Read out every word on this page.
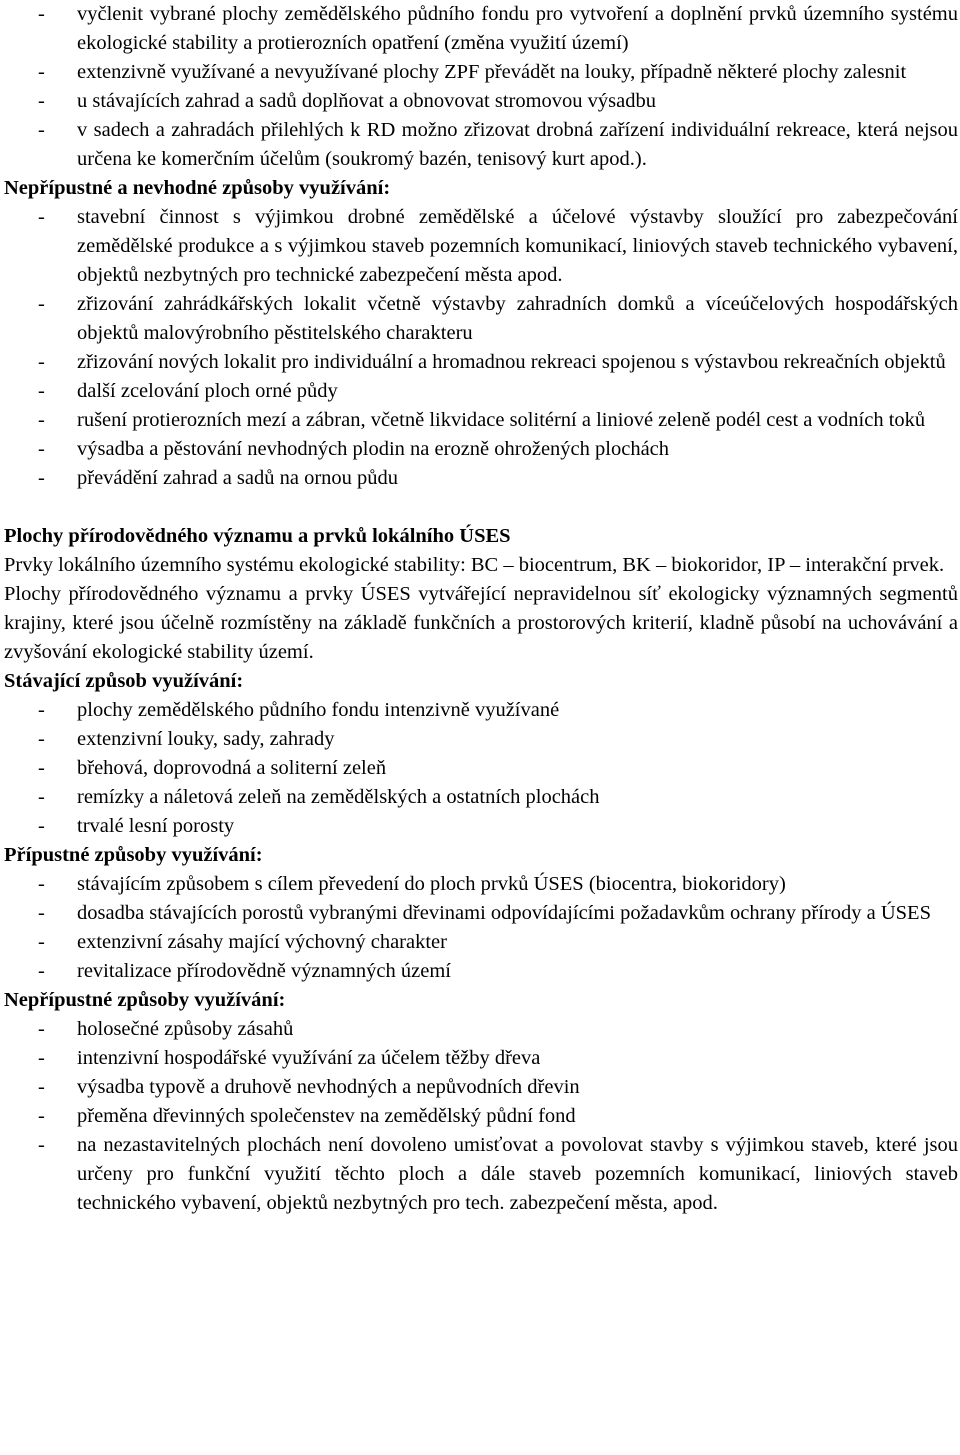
- vyčlenit vybrané plochy zemědělského půdního fondu pro vytvoření a doplnění prvků územního systému ekologické stability a protierozních opatření (změna využití území)
- extenzivně využívané a nevyužívané plochy ZPF převádět na louky, případně některé plochy zalesnit
- u stávajících zahrad a sadů doplňovat a obnovovat stromovou výsadbu
- v sadech a zahradách přilehlých k RD možno zřizovat drobná zařízení individuální rekreace, která nejsou určena ke komerčním účelům (soukromý bazén, tenisový kurt apod.).
Nepřípustné a nevhodné způsoby využívání:
- stavební činnost s výjimkou drobné zemědělské a účelové výstavby sloužící pro zabezpečování zemědělské produkce a s výjimkou staveb pozemních komunikací, liniových staveb technického vybavení, objektů nezbytných pro technické zabezpečení města apod.
- zřizování zahrádkářských lokalit včetně výstavby zahradních domků a víceúčelových hospodářských objektů malovýrobního pěstitelského charakteru
- zřizování nových lokalit pro individuální a hromadnou rekreaci spojenou s výstavbou rekreačních objektů
- další zcelování ploch orné půdy
- rušení protierozních mezí a zábran, včetně likvidace solitérní a liniové zeleně podél cest a vodních toků
- výsadba a pěstování nevhodných plodin na erozně ohrožených plochách
- převádění zahrad a sadů na ornou půdu
Plochy přírodovědného významu a prvků lokálního ÚSES
Prvky lokálního územního systému ekologické stability: BC – biocentrum, BK – biokoridor, IP – interakční prvek.
Plochy přírodovědného významu a prvky ÚSES vytvářející nepravidelnou síť ekologicky významných segmentů krajiny, které jsou účelně rozmístěny na základě funkčních a prostorových kriterií, kladně působí na uchovávání a zvyšování ekologické stability území.
Stávající způsob využívání:
- plochy zemědělského půdního fondu intenzivně využívané
- extenzivní louky, sady, zahrady
- břehová, doprovodná a soliterní zeleň
- remízky a náletová zeleň na zemědělských a ostatních plochách
- trvalé lesní porosty
Přípustné způsoby využívání:
- stávajícím způsobem s cílem převedení do ploch prvků ÚSES (biocentra, biokoridory)
- dosadba stávajících porostů vybranými dřevinami odpovídajícími požadavkům ochrany přírody a ÚSES
- extenzivní zásahy mající výchovný charakter
- revitalizace přírodovědně významných území
Nepřípustné způsoby využívání:
- holosečné způsoby zásahů
- intenzivní hospodářské využívání za účelem těžby dřeva
- výsadba typově a druhově nevhodných a nepůvodních dřevin
- přeměna dřevinných společenstev na zemědělský půdní fond
- na nezastavitelných plochách není dovoleno umisťovat a povolovat stavby s výjimkou staveb, které jsou určeny pro funkční využití těchto ploch a dále staveb pozemních komunikací, liniových staveb technického vybavení, objektů nezbytných pro tech. zabezpečení města, apod.
